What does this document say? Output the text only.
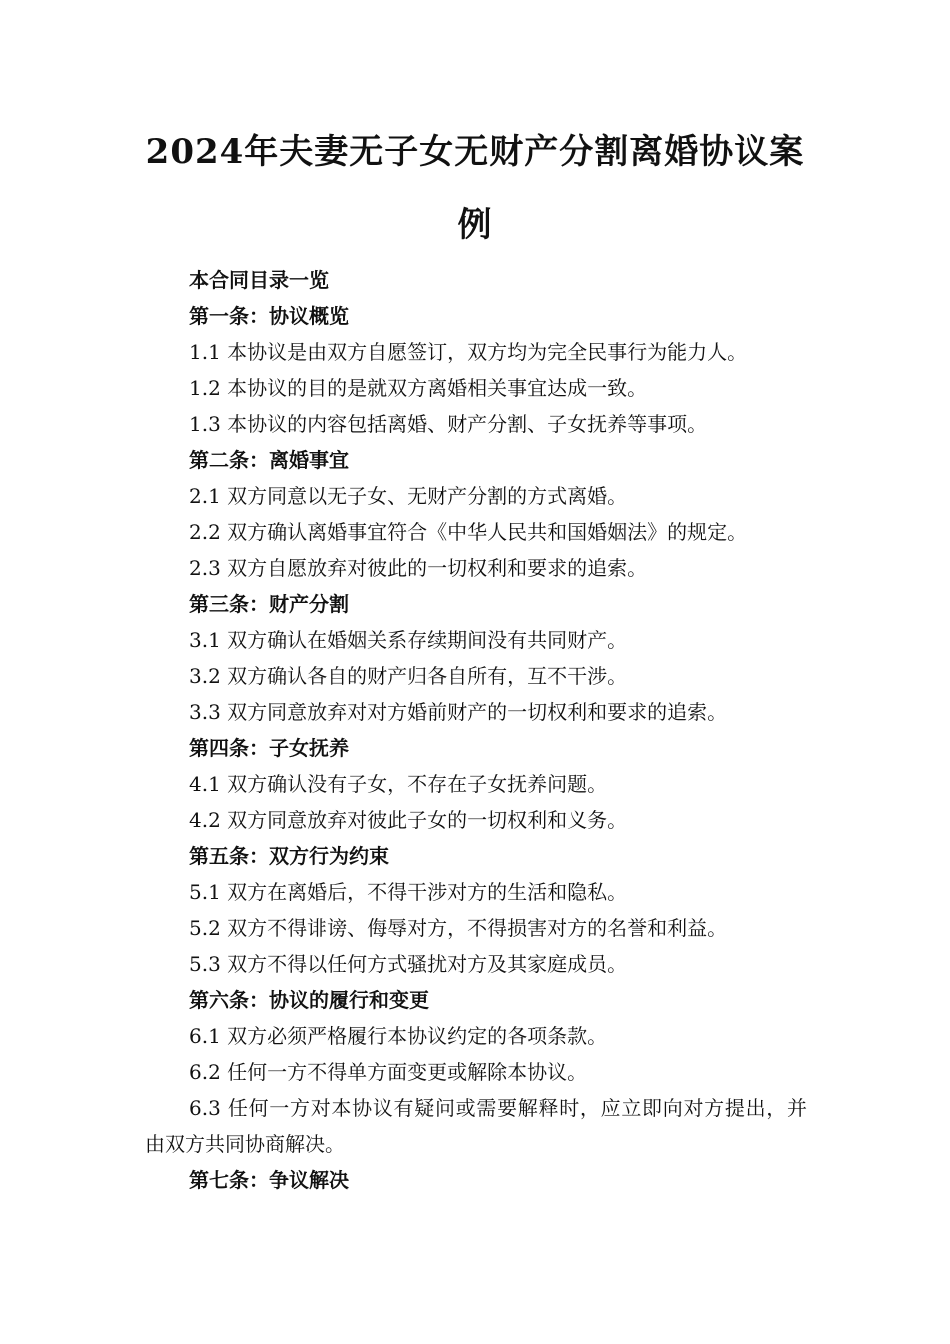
2024年夫妻无子女无财产分割离婚协议案
例

本合同目录一览

第一条：协议概览

1.1 本协议是由双方自愿签订，双方均为完全民事行为能力人。

1.2 本协议的目的是就双方离婚相关事宜达成一致。

1.3 本协议的内容包括离婚、财产分割、子女抚养等事项。

第二条：离婚事宜

2.1 双方同意以无子女、无财产分割的方式离婚。

2.2 双方确认离婚事宜符合《中华人民共和国婚姻法》的规定。

2.3 双方自愿放弃对彼此的一切权利和要求的追索。

第三条：财产分割

3.1 双方确认在婚姻关系存续期间没有共同财产。

3.2 双方确认各自的财产归各自所有，互不干涉。

3.3 双方同意放弃对对方婚前财产的一切权利和要求的追索。

第四条：子女抚养

4.1 双方确认没有子女，不存在子女抚养问题。

4.2 双方同意放弃对彼此子女的一切权利和义务。

第五条：双方行为约束

5.1 双方在离婚后，不得干涉对方的生活和隐私。

5.2 双方不得诽谤、侮辱对方，不得损害对方的名誉和利益。

5.3 双方不得以任何方式骚扰对方及其家庭成员。

第六条：协议的履行和变更

6.1 双方必须严格履行本协议约定的各项条款。

6.2 任何一方不得单方面变更或解除本协议。

6.3 任何一方对本协议有疑问或需要解释时，应立即向对方提出，并由双方共同协商解决。

第七条：争议解决
